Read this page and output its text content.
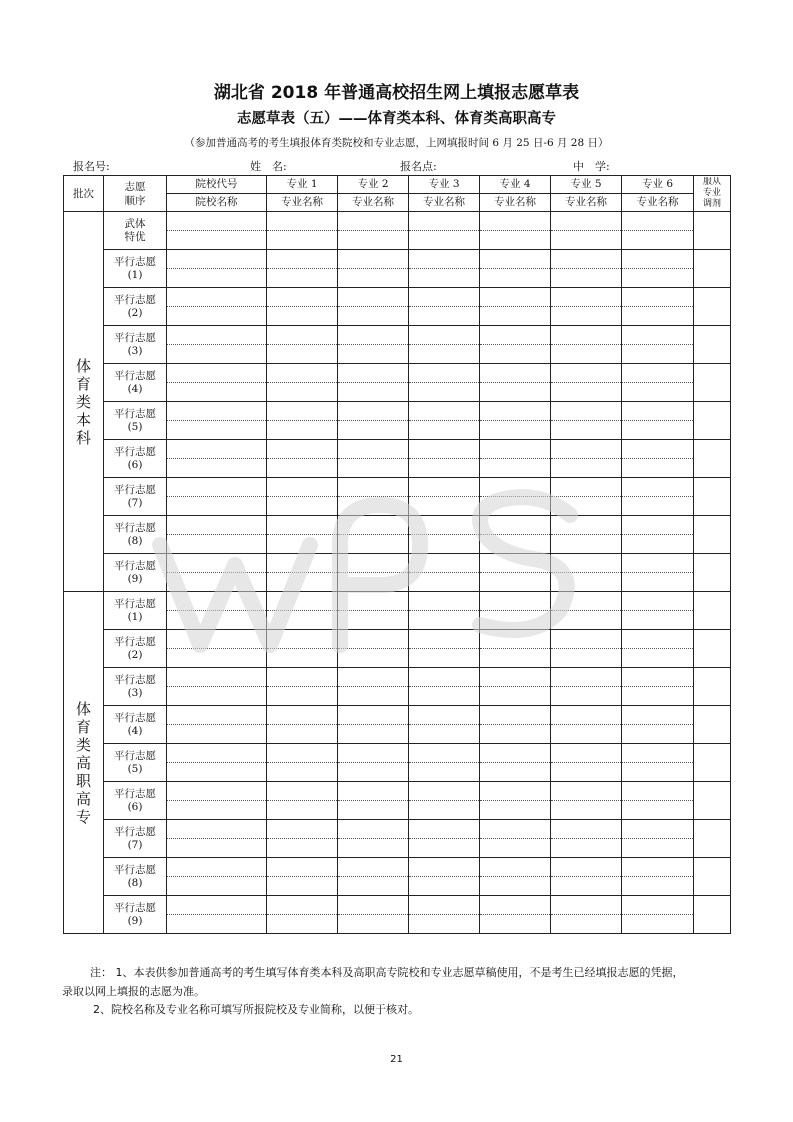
湖北省 2018 年普通高校招生网上填报志愿草表
志愿草表（五）——体育类本科、体育类高职高专
（参加普通高考的考生填报体育类院校和专业志愿，上网填报时间 6 月 25 日-6 月 28 日）
报名号:	姓　名:	报名点:	中　学:
批次	志愿顺序	院校代号	专业 1	专业 2	专业 3	专业 4	专业 5	专业 6	服从专业调剂

		院校名称	专业名称	专业名称	专业名称	专业名称	专业名称	专业名称	

体育类本科	武体
特优								

	平行志愿
(1)								

	平行志愿
(2)								

	平行志愿
(3)								

	平行志愿
(4)								

	平行志愿
(5)								

	平行志愿
(6)								

	平行志愿
(7)								

	平行志愿
(8)								

	平行志愿
(9)								

体育类高职高专	平行志愿
(1)								

	平行志愿
(2)								

	平行志愿
(3)								

	平行志愿
(4)								

	平行志愿
(5)								

	平行志愿
(6)								

	平行志愿
(7)								

	平行志愿
(8)								

	平行志愿
(9)								

注： 1、本表供参加普通高考的考生填写体育类本科及高职高专院校和专业志愿草稿使用，不是考生已经填报志愿的凭据，
录取以网上填报的志愿为准。
2、院校名称及专业名称可填写所报院校及专业简称，以便于核对。
21
